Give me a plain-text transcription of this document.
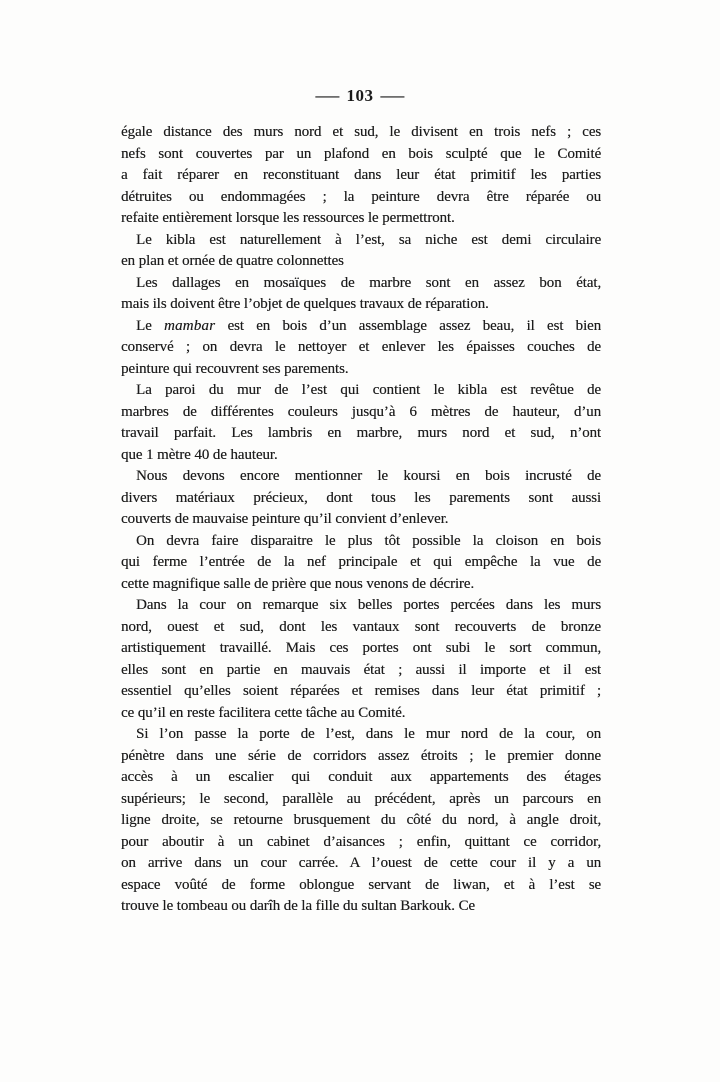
— 103 —
égale distance des murs nord et sud, le divisent en trois nefs ; ces
nefs sont couvertes par un plafond en bois sculpté que le Comité
a fait réparer en reconstituant dans leur état primitif les parties
détruites ou endommagées ; la peinture devra être réparée ou
refaite entièrement lorsque les ressources le permettront.
Le kibla est naturellement à l’est, sa niche est demi circulaire
en plan et ornée de quatre colonnettes
Les dallages en mosaïques de marbre sont en assez bon état,
mais ils doivent être l’objet de quelques travaux de réparation.
Le mambar est en bois d’un assemblage assez beau, il est bien
conservé ; on devra le nettoyer et enlever les épaisses couches de
peinture qui recouvrent ses parements.
La paroi du mur de l’est qui contient le kibla est revêtue de
marbres de différentes couleurs jusqu’à 6 mètres de hauteur, d’un
travail parfait. Les lambris en marbre, murs nord et sud, n’ont
que 1 mètre 40 de hauteur.
Nous devons encore mentionner le koursi en bois incrusté de
divers matériaux précieux, dont tous les parements sont aussi
couverts de mauvaise peinture qu’il convient d’enlever.
On devra faire disparaitre le plus tôt possible la cloison en bois
qui ferme l’entrée de la nef principale et qui empêche la vue de
cette magnifique salle de prière que nous venons de décrire.
Dans la cour on remarque six belles portes percées dans les murs
nord, ouest et sud, dont les vantaux sont recouverts de bronze
artistiquement travaillé. Mais ces portes ont subi le sort commun,
elles sont en partie en mauvais état ; aussi il importe et il est
essentiel qu’elles soient réparées et remises dans leur état primitif ;
ce qu’il en reste facilitera cette tâche au Comité.
Si l’on passe la porte de l’est, dans le mur nord de la cour, on
pénètre dans une série de corridors assez étroits ; le premier donne
accès à un escalier qui conduit aux appartements des étages
supérieurs; le second, parallèle au précédent, après un parcours en
ligne droite, se retourne brusquement du côté du nord, à angle droit,
pour aboutir à un cabinet d’aisances ; enfin, quittant ce corridor,
on arrive dans un cour carrée. A l’ouest de cette cour il y a un
espace voûté de forme oblongue servant de liwan, et à l’est se
trouve le tombeau ou darîh de la fille du sultan Barkouk. Ce
